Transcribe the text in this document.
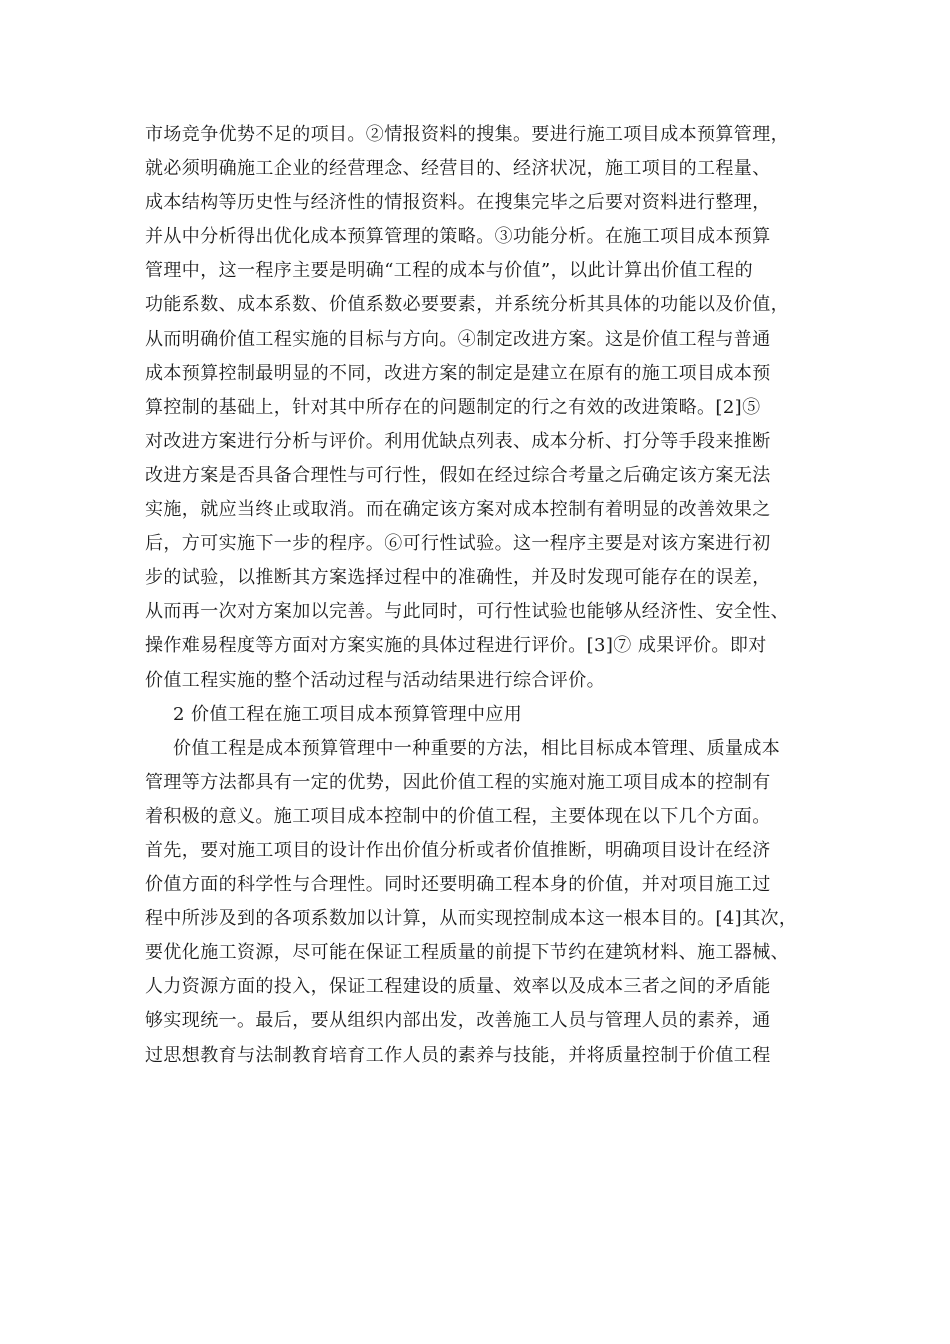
市场竞争优势不足的项目。②情报资料的搜集。要进行施工项目成本预算管理，
就必须明确施工企业的经营理念、经营目的、经济状况，施工项目的工程量、
成本结构等历史性与经济性的情报资料。在搜集完毕之后要对资料进行整理，
并从中分析得出优化成本预算管理的策略。③功能分析。在施工项目成本预算
管理中，这一程序主要是明确“工程的成本与价值”，以此计算出价值工程的
功能系数、成本系数、价值系数必要要素，并系统分析其具体的功能以及价值，
从而明确价值工程实施的目标与方向。④制定改进方案。这是价值工程与普通
成本预算控制最明显的不同，改进方案的制定是建立在原有的施工项目成本预
算控制的基础上，针对其中所存在的问题制定的行之有效的改进策略。[2]⑤
对改进方案进行分析与评价。利用优缺点列表、成本分析、打分等手段来推断
改进方案是否具备合理性与可行性，假如在经过综合考量之后确定该方案无法
实施，就应当终止或取消。而在确定该方案对成本控制有着明显的改善效果之
后，方可实施下一步的程序。⑥可行性试验。这一程序主要是对该方案进行初
步的试验，以推断其方案选择过程中的准确性，并及时发现可能存在的误差，
从而再一次对方案加以完善。与此同时，可行性试验也能够从经济性、安全性、
操作难易程度等方面对方案实施的具体过程进行评价。[3]⑦ 成果评价。即对
价值工程实施的整个活动过程与活动结果进行综合评价。
2 价值工程在施工项目成本预算管理中应用
价值工程是成本预算管理中一种重要的方法，相比目标成本管理、质量成本
管理等方法都具有一定的优势，因此价值工程的实施对施工项目成本的控制有
着积极的意义。施工项目成本控制中的价值工程，主要体现在以下几个方面。
首先，要对施工项目的设计作出价值分析或者价值推断，明确项目设计在经济
价值方面的科学性与合理性。同时还要明确工程本身的价值，并对项目施工过
程中所涉及到的各项系数加以计算，从而实现控制成本这一根本目的。[4]其次，
要优化施工资源，尽可能在保证工程质量的前提下节约在建筑材料、施工器械、
人力资源方面的投入，保证工程建设的质量、效率以及成本三者之间的矛盾能
够实现统一。最后，要从组织内部出发，改善施工人员与管理人员的素养，通
过思想教育与法制教育培育工作人员的素养与技能，并将质量控制于价值工程
